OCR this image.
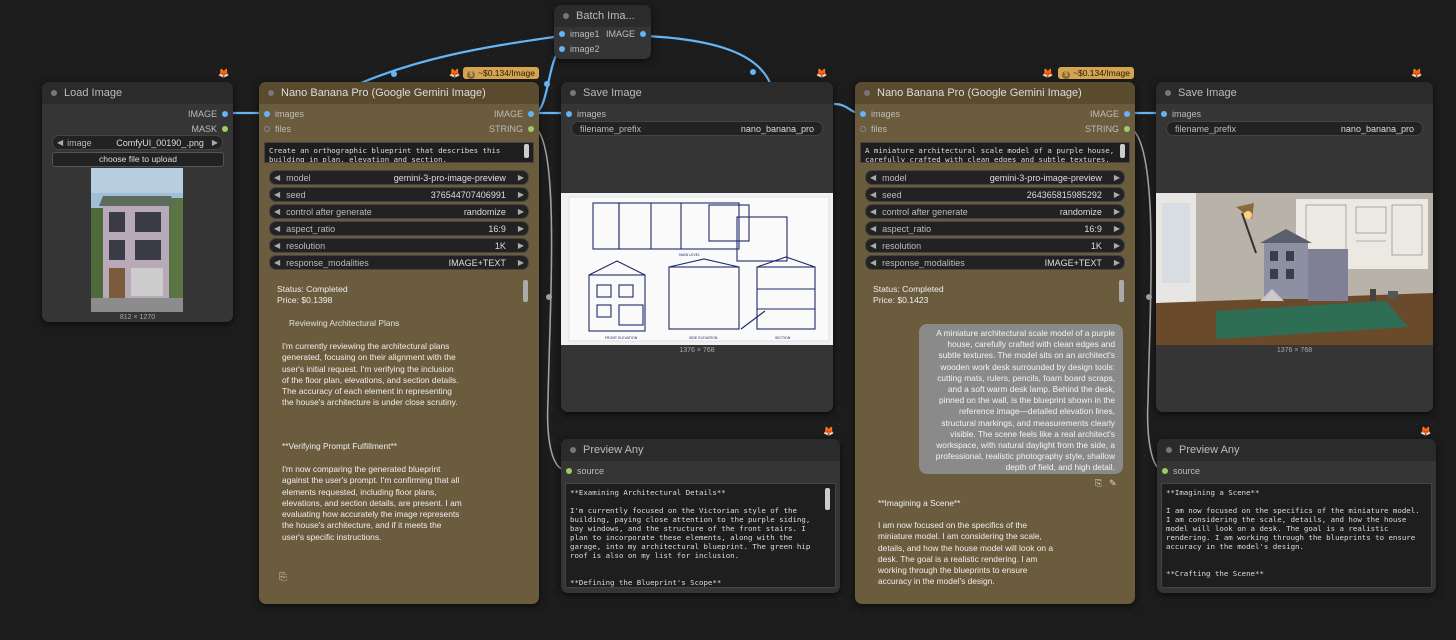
Batch Ima...
image1 IMAGE
image2
🦊
Load Image
IMAGE
MASK
◀ image	ComfyUI_00190_.png	▶
choose file to upload
812 × 1270
🦊	$ ~$0.134/Image
Nano Banana Pro (Google Gemini Image)
images	IMAGE
files	STRING
Create an orthographic blueprint that describes this building in plan, elevation and section.
◀ model	gemini-3-pro-image-preview	▶
◀ seed	376544707406991	▶
◀ control after generate	randomize	▶
◀ aspect_ratio	16:9	▶
◀ resolution	1K	▶
◀ response_modalities	IMAGE+TEXT	▶
Status: Completed
Price: $0.1398
Reviewing Architectural Plans
I'm currently reviewing the architectural plans generated, focusing on their alignment with the user's initial request. I'm verifying the inclusion of the floor plan, elevations, and section details. The accuracy of each element in representing the house's architecture is under close scrutiny.
**Verifying Prompt Fulfillment**
I'm now comparing the generated blueprint against the user's prompt. I'm confirming that all elements requested, including floor plans, elevations, and section details, are present. I am evaluating how accurately the image represents the house's architecture, and if it meets the user's specific instructions.
⎘
🦊
Save Image
images
filename_prefix	nano_banana_pro
MAIN LEVEL
FRONT ELEVATION	SIDE ELEVATION	SECTION
1376 × 768
🦊
Preview Any
source
**Examining Architectural Details**

I'm currently focused on the Victorian style of the building, paying close attention to the purple siding, bay windows, and the structure of the front stairs. I plan to incorporate these elements, along with the garage, into my architectural blueprint. The green hip roof is also on my list for inclusion.

**Defining the Blueprint's Scope**
🦊	$ ~$0.134/Image
Nano Banana Pro (Google Gemini Image)
images	IMAGE
files	STRING
A miniature architectural scale model of a purple house, carefully crafted with clean edges and subtle textures.
◀ model	gemini-3-pro-image-preview	▶
◀ seed	264365815985292	▶
◀ control after generate	randomize	▶
◀ aspect_ratio	16:9	▶
◀ resolution	1K	▶
◀ response_modalities	IMAGE+TEXT	▶
Status: Completed
Price: $0.1423
A miniature architectural scale model of a purple house, carefully crafted with clean edges and subtle textures. The model sits on an architect's wooden work desk surrounded by design tools: cutting mats, rulers, pencils, foam board scraps, and a soft warm desk lamp. Behind the desk, pinned on the wall, is the blueprint shown in the reference image—detailed elevation lines, structural markings, and measurements clearly visible. The scene feels like a real architect's workspace, with natural daylight from the side, a professional, realistic photography style, shallow depth of field, and high detail.
⎘ ✎
**Imagining a Scene**
I am now focused on the specifics of the miniature model. I am considering the scale, details, and how the house model will look on a desk. The goal is a realistic rendering. I am working through the blueprints to ensure accuracy in the model's design.
🦊
Save Image
images
filename_prefix	nano_banana_pro
1376 × 768
🦊
Preview Any
source
**Imagining a Scene**

I am now focused on the specifics of the miniature model. I am considering the scale, details, and how the house model will look on a desk. The goal is a realistic rendering. I am working through the blueprints to ensure accuracy in the model's design.

**Crafting the Scene**
